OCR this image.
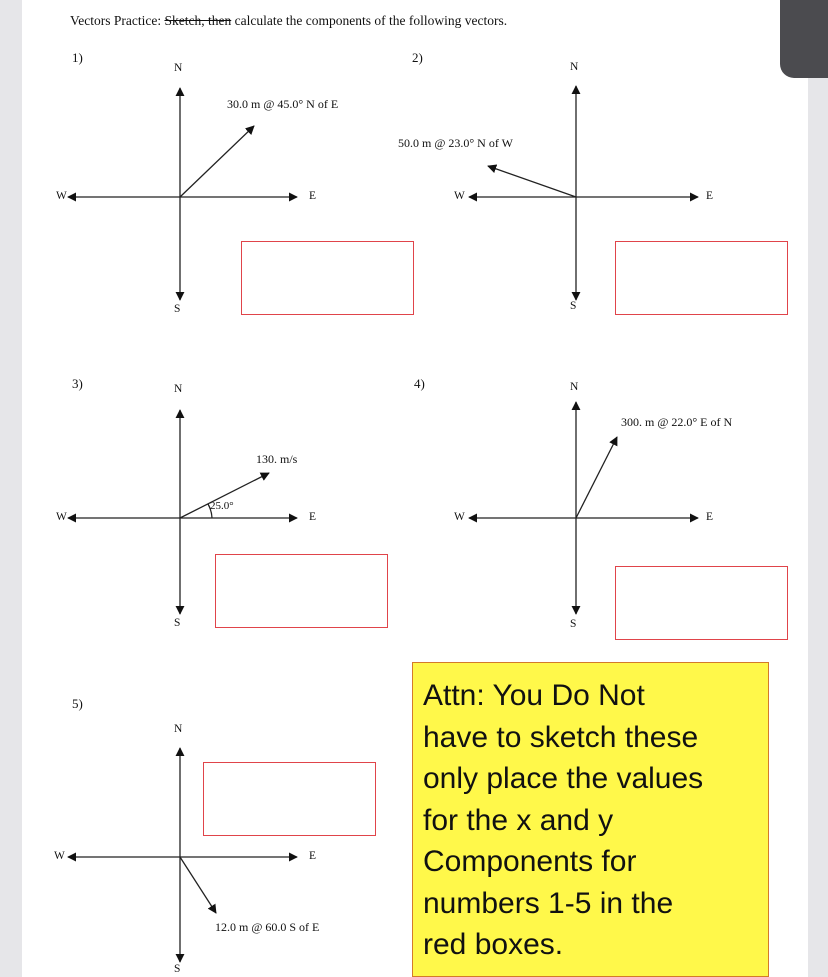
Vectors Practice: Sketch, then calculate the components of the following vectors.
1)	2)
3)	4)
5)
N
S
W	E
N
S
W	E
N
S
W	E
N
S
W	E
N
S
W	E
30.0 m @ 45.0° N of E
50.0 m @ 23.0° N of W
130. m/s
25.0°
300. m @ 22.0° E of N
12.0 m @ 60.0 S of E
Attn: You Do Not
have to sketch these
only place the values
for the x and y
Components for
numbers 1-5 in the
red boxes.
